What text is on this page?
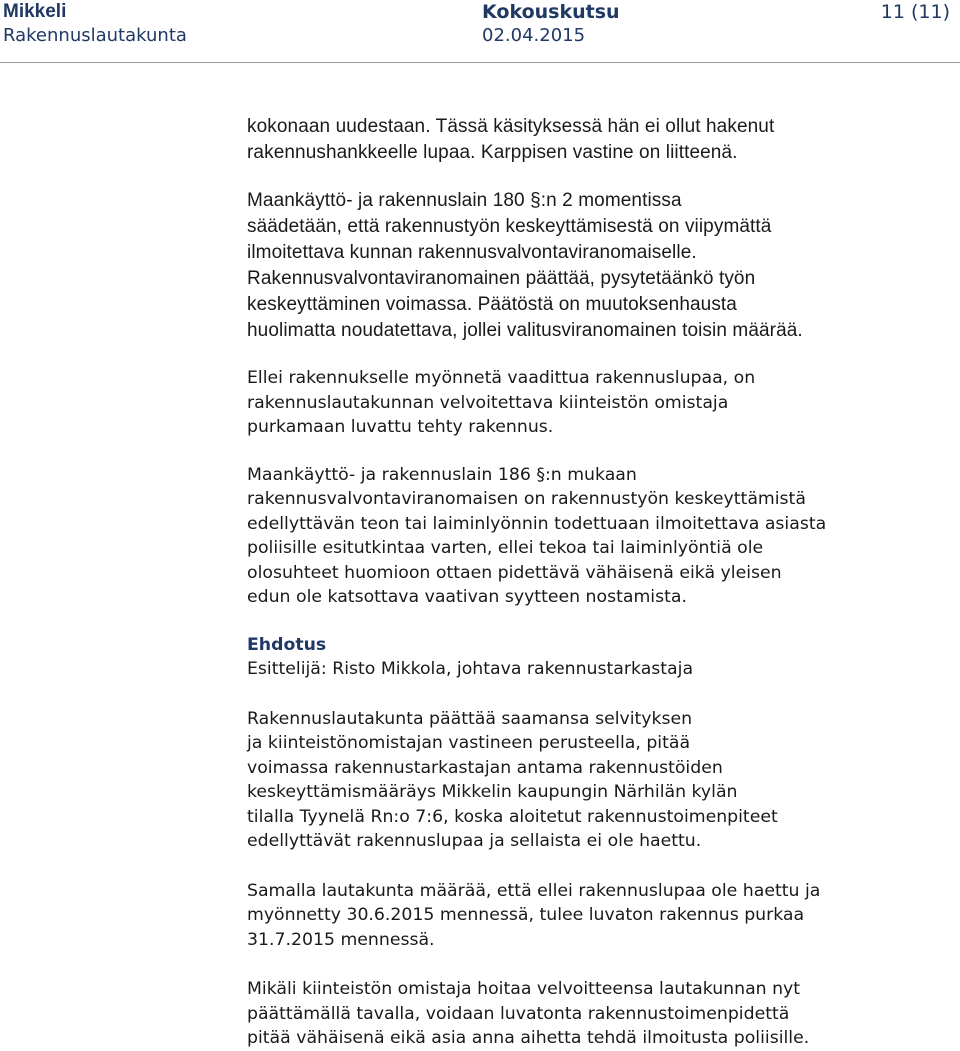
Mikkeli
Rakennuslautakunta
Kokouskutsu
02.04.2015
11 (11)

kokonaan uudestaan. Tässä käsityksessä hän ei ollut hakenut
rakennushankkeelle lupaa. Karppisen vastine on liitteenä.

Maankäyttö- ja rakennuslain 180 §:n 2 momentissa
säädetään, että rakennustyön keskeyttämisestä on viipymättä
ilmoitettava kunnan rakennusvalvontaviranomaiselle.
Rakennusvalvontaviranomainen päättää, pysytetäänkö työn
keskeyttäminen voimassa. Päätöstä on muutoksenhausta
huolimatta noudatettava, jollei valitusviranomainen toisin määrää.

Ellei rakennukselle myönnetä vaadittua rakennuslupaa, on
rakennuslautakunnan velvoitettava kiinteistön omistaja
purkamaan luvattu tehty rakennus.

Maankäyttö- ja rakennuslain 186 §:n mukaan
rakennusvalvontaviranomaisen on rakennustyön keskeyttämistä
edellyttävän teon tai laiminlyönnin todettuaan ilmoitettava asiasta
poliisille esitutkintaa varten, ellei tekoa tai laiminlyöntiä ole
olosuhteet huomioon ottaen pidettävä vähäisenä eikä yleisen
edun ole katsottava vaativan syytteen nostamista.

Ehdotus

Esittelijä: Risto Mikkola, johtava rakennustarkastaja

Rakennuslautakunta päättää saamansa selvityksen
ja kiinteistönomistajan vastineen perusteella, pitää
voimassa rakennustarkastajan antama rakennustöiden
keskeyttämismääräys Mikkelin kaupungin Närhilän kylän
tilalla Tyynelä Rn:o 7:6, koska aloitetut rakennustoimenpiteet
edellyttävät rakennuslupaa ja sellaista ei ole haettu.

Samalla lautakunta määrää, että ellei rakennuslupaa ole haettu ja
myönnetty 30.6.2015 mennessä, tulee luvaton rakennus purkaa
31.7.2015 mennessä.

Mikäli kiinteistön omistaja hoitaa velvoitteensa lautakunnan nyt
päättämällä tavalla, voidaan luvatonta rakennustoimenpidettä
pitää vähäisenä eikä asia anna aihetta tehdä ilmoitusta poliisille.
